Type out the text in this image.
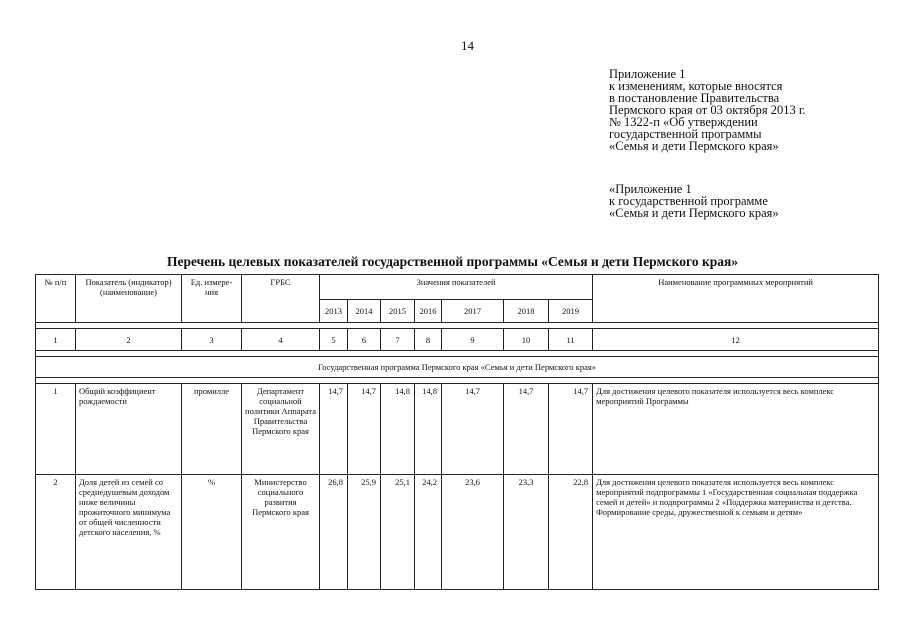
14
Приложение 1
к изменениям, которые вносятся
в постановление Правительства
Пермского края от 03 октября 2013 г.
№ 1322-п «Об утверждении
государственной программы
«Семья и дети Пермского края»
«Приложение 1
к государственной программе
«Семья и дети Пермского края»
Перечень целевых показателей государственной программы «Семья и дети Пермского края»
№ п/п	Показатель (индикатор) (наименование)	Ед. измере-ния	ГРБС	Значения показателей							Наименование программных мероприятий
				2013	2014	2015	2016	2017	2018	2019	

1	2	3	4	5	6	7	8	9	10	11	12

Государственная программа Пермского края «Семья и дети Пермского края»											

1	Общий коэффициент рождаемости	промилле	Департамент социальной политики Аппарата Правительства Пермского края	14,7	14,7	14,8	14,8	14,7	14,7	14,7	Для достижения целевого показателя используется весь комплекс мероприятий Программы
2	Доля детей из семей со среднедушевым доходом ниже величины прожиточного минимума от общей численности детского населения, %	%	Министерство социального развития Пермского края	26,8	25,9	25,1	24,2	23,6	23,3	22,8	Для достижения целевого показателя используется весь комплекс мероприятий подпрограммы 1 «Государственная социальная поддержка семей и детей» и подпрограммы 2 «Поддержка материнства и детства. Формирование среды, дружественной к семьям и детям»
